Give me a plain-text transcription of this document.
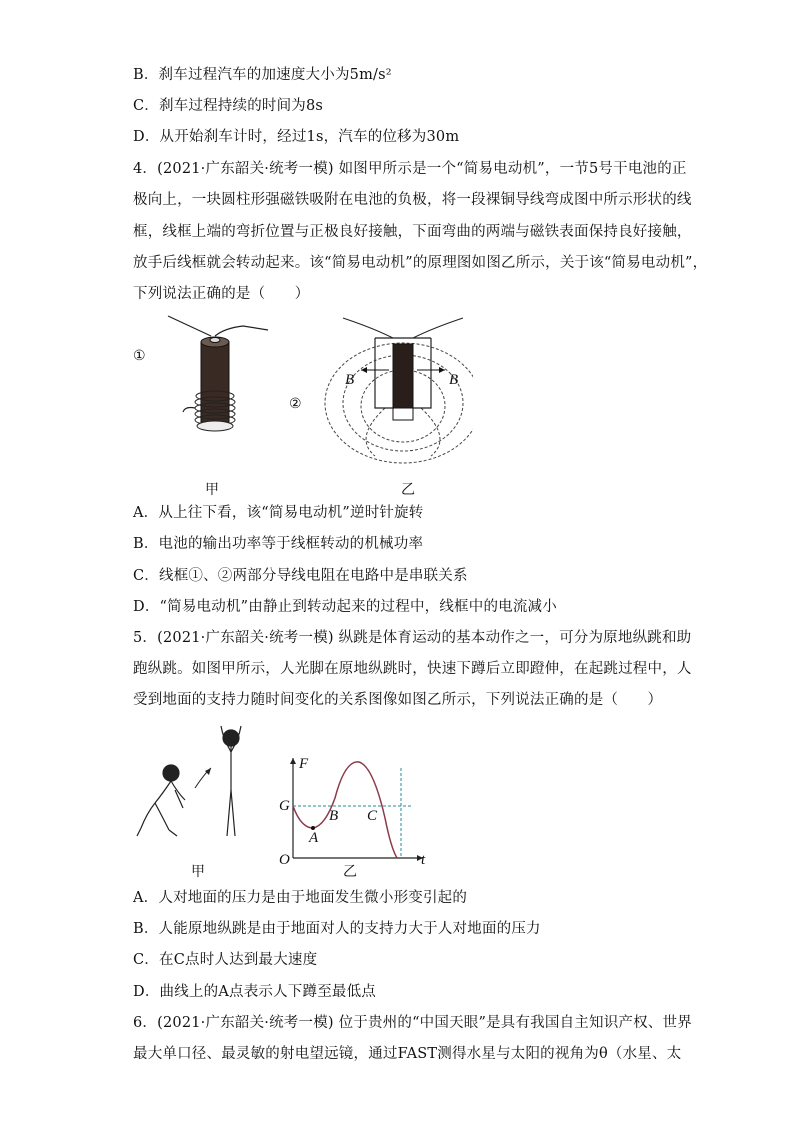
B．刹车过程汽车的加速度大小为5m/s²
C．刹车过程持续的时间为8s
D．从开始刹车计时，经过1s，汽车的位移为30m
4．(2021·广东韶关·统考一模) 如图甲所示是一个“简易电动机”，一节5号干电池的正
极向上，一块圆柱形强磁铁吸附在电池的负极，将一段裸铜导线弯成图中所示形状的线
框，线框上端的弯折位置与正极良好接触，下面弯曲的两端与磁铁表面保持良好接触，
放手后线框就会转动起来。该“简易电动机”的原理图如图乙所示，关于该“简易电动机”，
下列说法正确的是（　　）
①
②
B	B
甲	乙
A．从上往下看，该“简易电动机”逆时针旋转
B．电池的输出功率等于线框转动的机械功率
C．线框①、②两部分导线电阻在电路中是串联关系
D．“简易电动机”由静止到转动起来的过程中，线框中的电流减小
5．(2021·广东韶关·统考一模) 纵跳是体育运动的基本动作之一，可分为原地纵跳和助
跑纵跳。如图甲所示，人光脚在原地纵跳时，快速下蹲后立即蹬伸，在起跳过程中，人
受到地面的支持力随时间变化的关系图像如图乙所示，下列说法正确的是（　　）
F
t
O
G
A
B C
甲	乙
A．人对地面的压力是由于地面发生微小形变引起的
B．人能原地纵跳是由于地面对人的支持力大于人对地面的压力
C．在C点时人达到最大速度
D．曲线上的A点表示人下蹲至最低点
6．(2021·广东韶关·统考一模) 位于贵州的“中国天眼”是具有我国自主知识产权、世界
最大单口径、最灵敏的射电望远镜，通过FAST测得水星与太阳的视角为θ（水星、太
